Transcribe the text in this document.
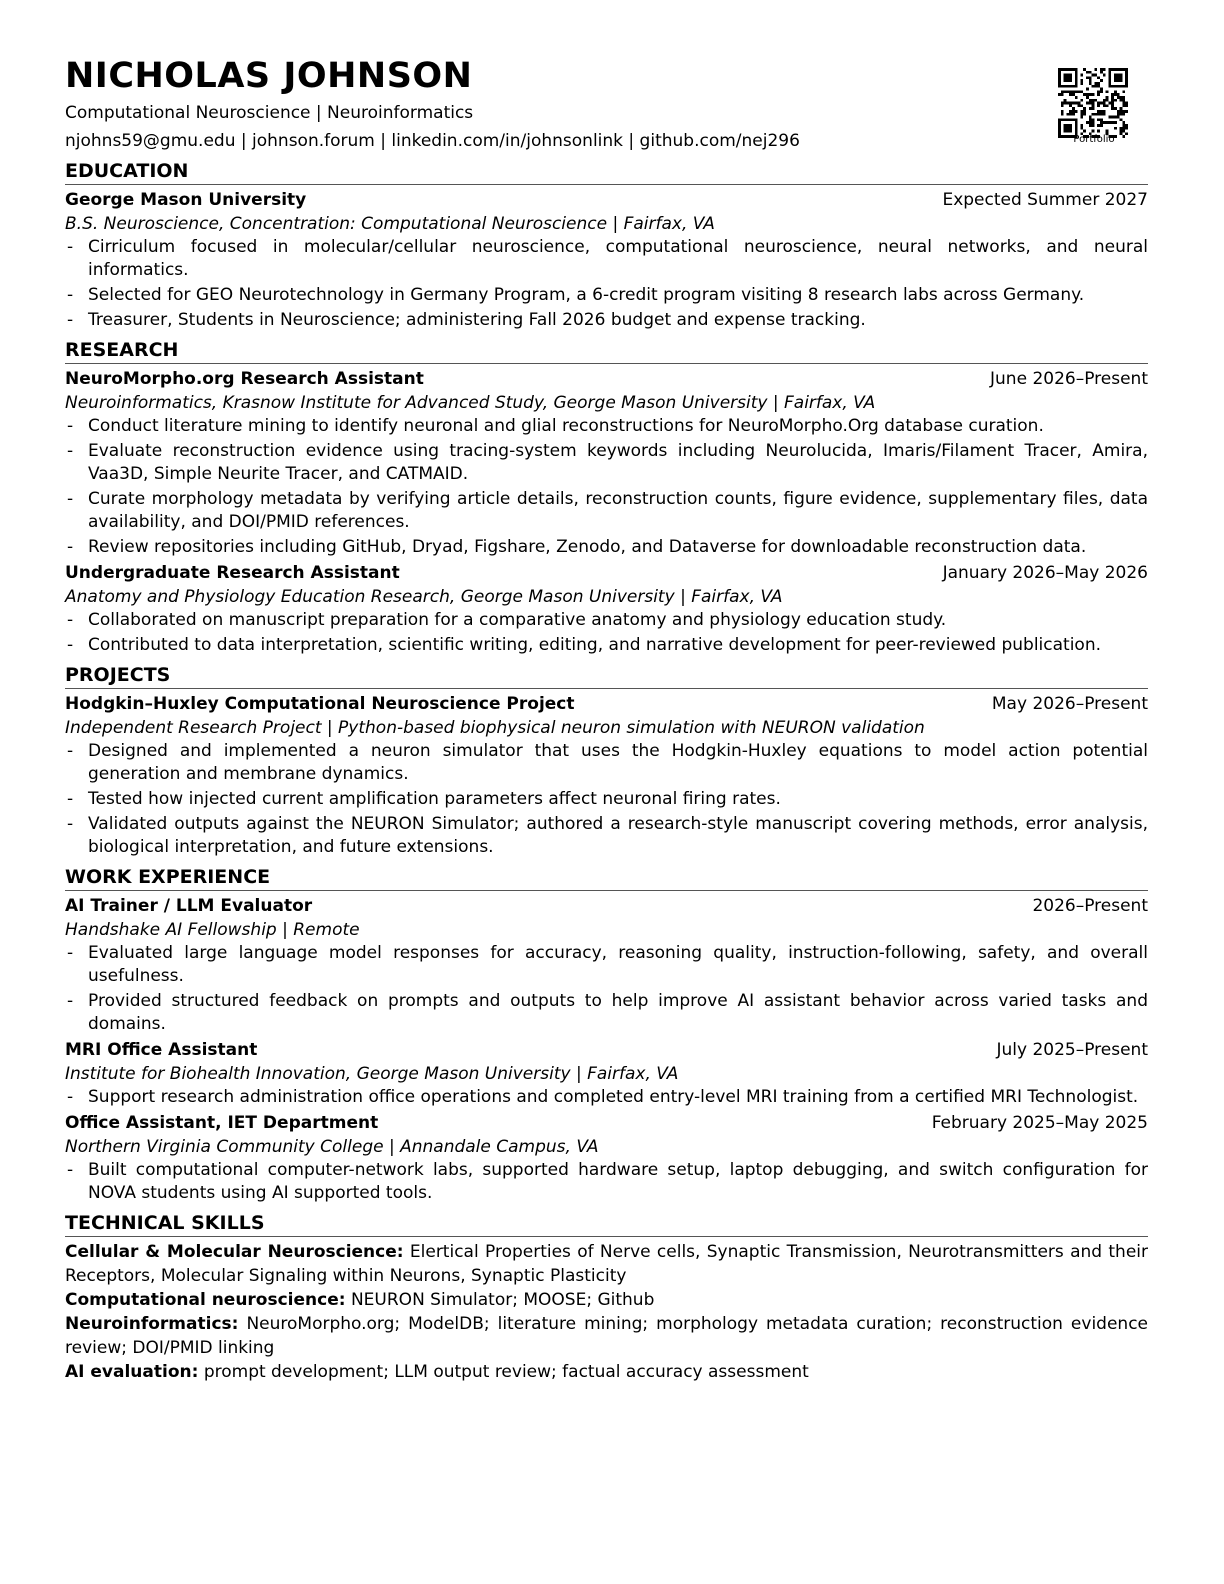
NICHOLAS JOHNSON
Computational Neuroscience | Neuroinformatics
njohns59@gmu.edu | johnson.forum | linkedin.com/in/johnsonlink | github.com/nej296	Portfolio
EDUCATION
George Mason University	Expected Summer 2027
B.S. Neuroscience, Concentration: Computational Neuroscience | Fairfax, VA
- Cirriculum focused in molecular/cellular neuroscience, computational neuroscience, neural networks, and neural informatics.
- Selected for GEO Neurotechnology in Germany Program, a 6-credit program visiting 8 research labs across Germany.
- Treasurer, Students in Neuroscience; administering Fall 2026 budget and expense tracking.
RESEARCH
NeuroMorpho.org Research Assistant	June 2026–Present
Neuroinformatics, Krasnow Institute for Advanced Study, George Mason University | Fairfax, VA
- Conduct literature mining to identify neuronal and glial reconstructions for NeuroMorpho.Org database curation.
- Evaluate reconstruction evidence using tracing-system keywords including Neurolucida, Imaris/Filament Tracer, Amira, Vaa3D, Simple Neurite Tracer, and CATMAID.
- Curate morphology metadata by verifying article details, reconstruction counts, figure evidence, supplementary files, data availability, and DOI/PMID references.
- Review repositories including GitHub, Dryad, Figshare, Zenodo, and Dataverse for downloadable reconstruction data.
Undergraduate Research Assistant	January 2026–May 2026
Anatomy and Physiology Education Research, George Mason University | Fairfax, VA
- Collaborated on manuscript preparation for a comparative anatomy and physiology education study.
- Contributed to data interpretation, scientific writing, editing, and narrative development for peer-reviewed publication.
PROJECTS
Hodgkin–Huxley Computational Neuroscience Project	May 2026–Present
Independent Research Project | Python-based biophysical neuron simulation with NEURON validation
- Designed and implemented a neuron simulator that uses the Hodgkin-Huxley equations to model action potential generation and membrane dynamics.
- Tested how injected current amplification parameters affect neuronal firing rates.
- Validated outputs against the NEURON Simulator; authored a research-style manuscript covering methods, error analysis, biological interpretation, and future extensions.
WORK EXPERIENCE
AI Trainer / LLM Evaluator	2026–Present
Handshake AI Fellowship | Remote
- Evaluated large language model responses for accuracy, reasoning quality, instruction-following, safety, and overall usefulness.
- Provided structured feedback on prompts and outputs to help improve AI assistant behavior across varied tasks and domains.
MRI Office Assistant	July 2025–Present
Institute for Biohealth Innovation, George Mason University | Fairfax, VA
- Support research administration office operations and completed entry-level MRI training from a certified MRI Technologist.
Office Assistant, IET Department	February 2025–May 2025
Northern Virginia Community College | Annandale Campus, VA
- Built computational computer-network labs, supported hardware setup, laptop debugging, and switch configuration for NOVA students using AI supported tools.
TECHNICAL SKILLS
Cellular & Molecular Neuroscience: Elertical Properties of Nerve cells, Synaptic Transmission, Neurotransmitters and their Receptors, Molecular Signaling within Neurons, Synaptic Plasticity
Computational neuroscience: NEURON Simulator; MOOSE; Github
Neuroinformatics: NeuroMorpho.org; ModelDB; literature mining; morphology metadata curation; reconstruction evidence review; DOI/PMID linking
AI evaluation: prompt development; LLM output review; factual accuracy assessment
